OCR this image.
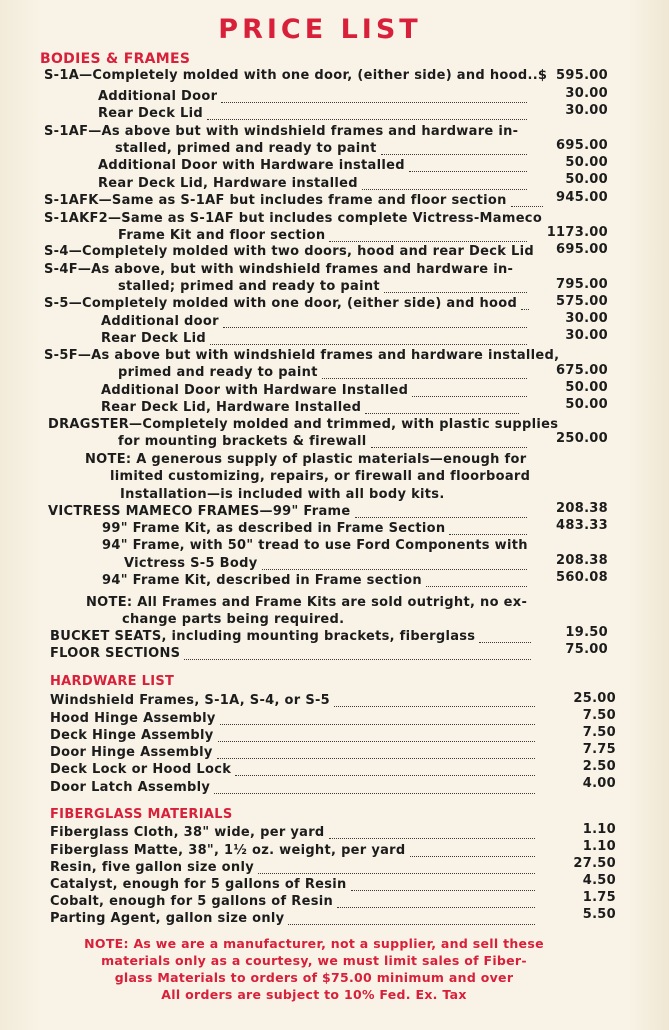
PRICE LIST
BODIES & FRAMES
S-1A—Completely molded with one door, (either side) and hood..$ 595.00
Additional Door	30.00
Rear Deck Lid	30.00
S-1AF—As above but with windshield frames and hardware in-
stalled, primed and ready to paint	695.00
Additional Door with Hardware installed	50.00
Rear Deck Lid, Hardware installed	50.00
S-1AFK—Same as S-1AF but includes frame and floor section	945.00
S-1AKF2—Same as S-1AF but includes complete Victress-Mameco
Frame Kit and floor section	1173.00
S-4—Completely molded with two doors, hood and rear Deck Lid	695.00
S-4F—As above, but with windshield frames and hardware in-
stalled; primed and ready to paint	795.00
S-5—Completely molded with one door, (either side) and hood	575.00
Additional door	30.00
Rear Deck Lid	30.00
S-5F—As above but with windshield frames and hardware installed,
primed and ready to paint	675.00
Additional Door with Hardware Installed	50.00
Rear Deck Lid, Hardware Installed	50.00
DRAGSTER—Completely molded and trimmed, with plastic supplies
for mounting brackets & firewall	250.00
NOTE: A generous supply of plastic materials—enough for
limited customizing, repairs, or firewall and floorboard
Installation—is included with all body kits.
VICTRESS MAMECO FRAMES—99" Frame	208.38
99" Frame Kit, as described in Frame Section	483.33
94" Frame, with 50" tread to use Ford Components with
Victress S-5 Body	208.38
94" Frame Kit, described in Frame section	560.08
NOTE: All Frames and Frame Kits are sold outright, no ex-
change parts being required.
BUCKET SEATS, including mounting brackets, fiberglass	19.50
FLOOR SECTIONS	75.00
HARDWARE LIST
Windshield Frames, S-1A, S-4, or S-5	25.00
Hood Hinge Assembly	7.50
Deck Hinge Assembly	7.50
Door Hinge Assembly	7.75
Deck Lock or Hood Lock	2.50
Door Latch Assembly	4.00
FIBERGLASS MATERIALS
Fiberglass Cloth, 38" wide, per yard	1.10
Fiberglass Matte, 38", 1½ oz. weight, per yard	1.10
Resin, five gallon size only	27.50
Catalyst, enough for 5 gallons of Resin	4.50
Cobalt, enough for 5 gallons of Resin	1.75
Parting Agent, gallon size only	5.50
NOTE: As we are a manufacturer, not a supplier, and sell these
materials only as a courtesy, we must limit sales of Fiber-
glass Materials to orders of $75.00 minimum and over
All orders are subject to 10% Fed. Ex. Tax
